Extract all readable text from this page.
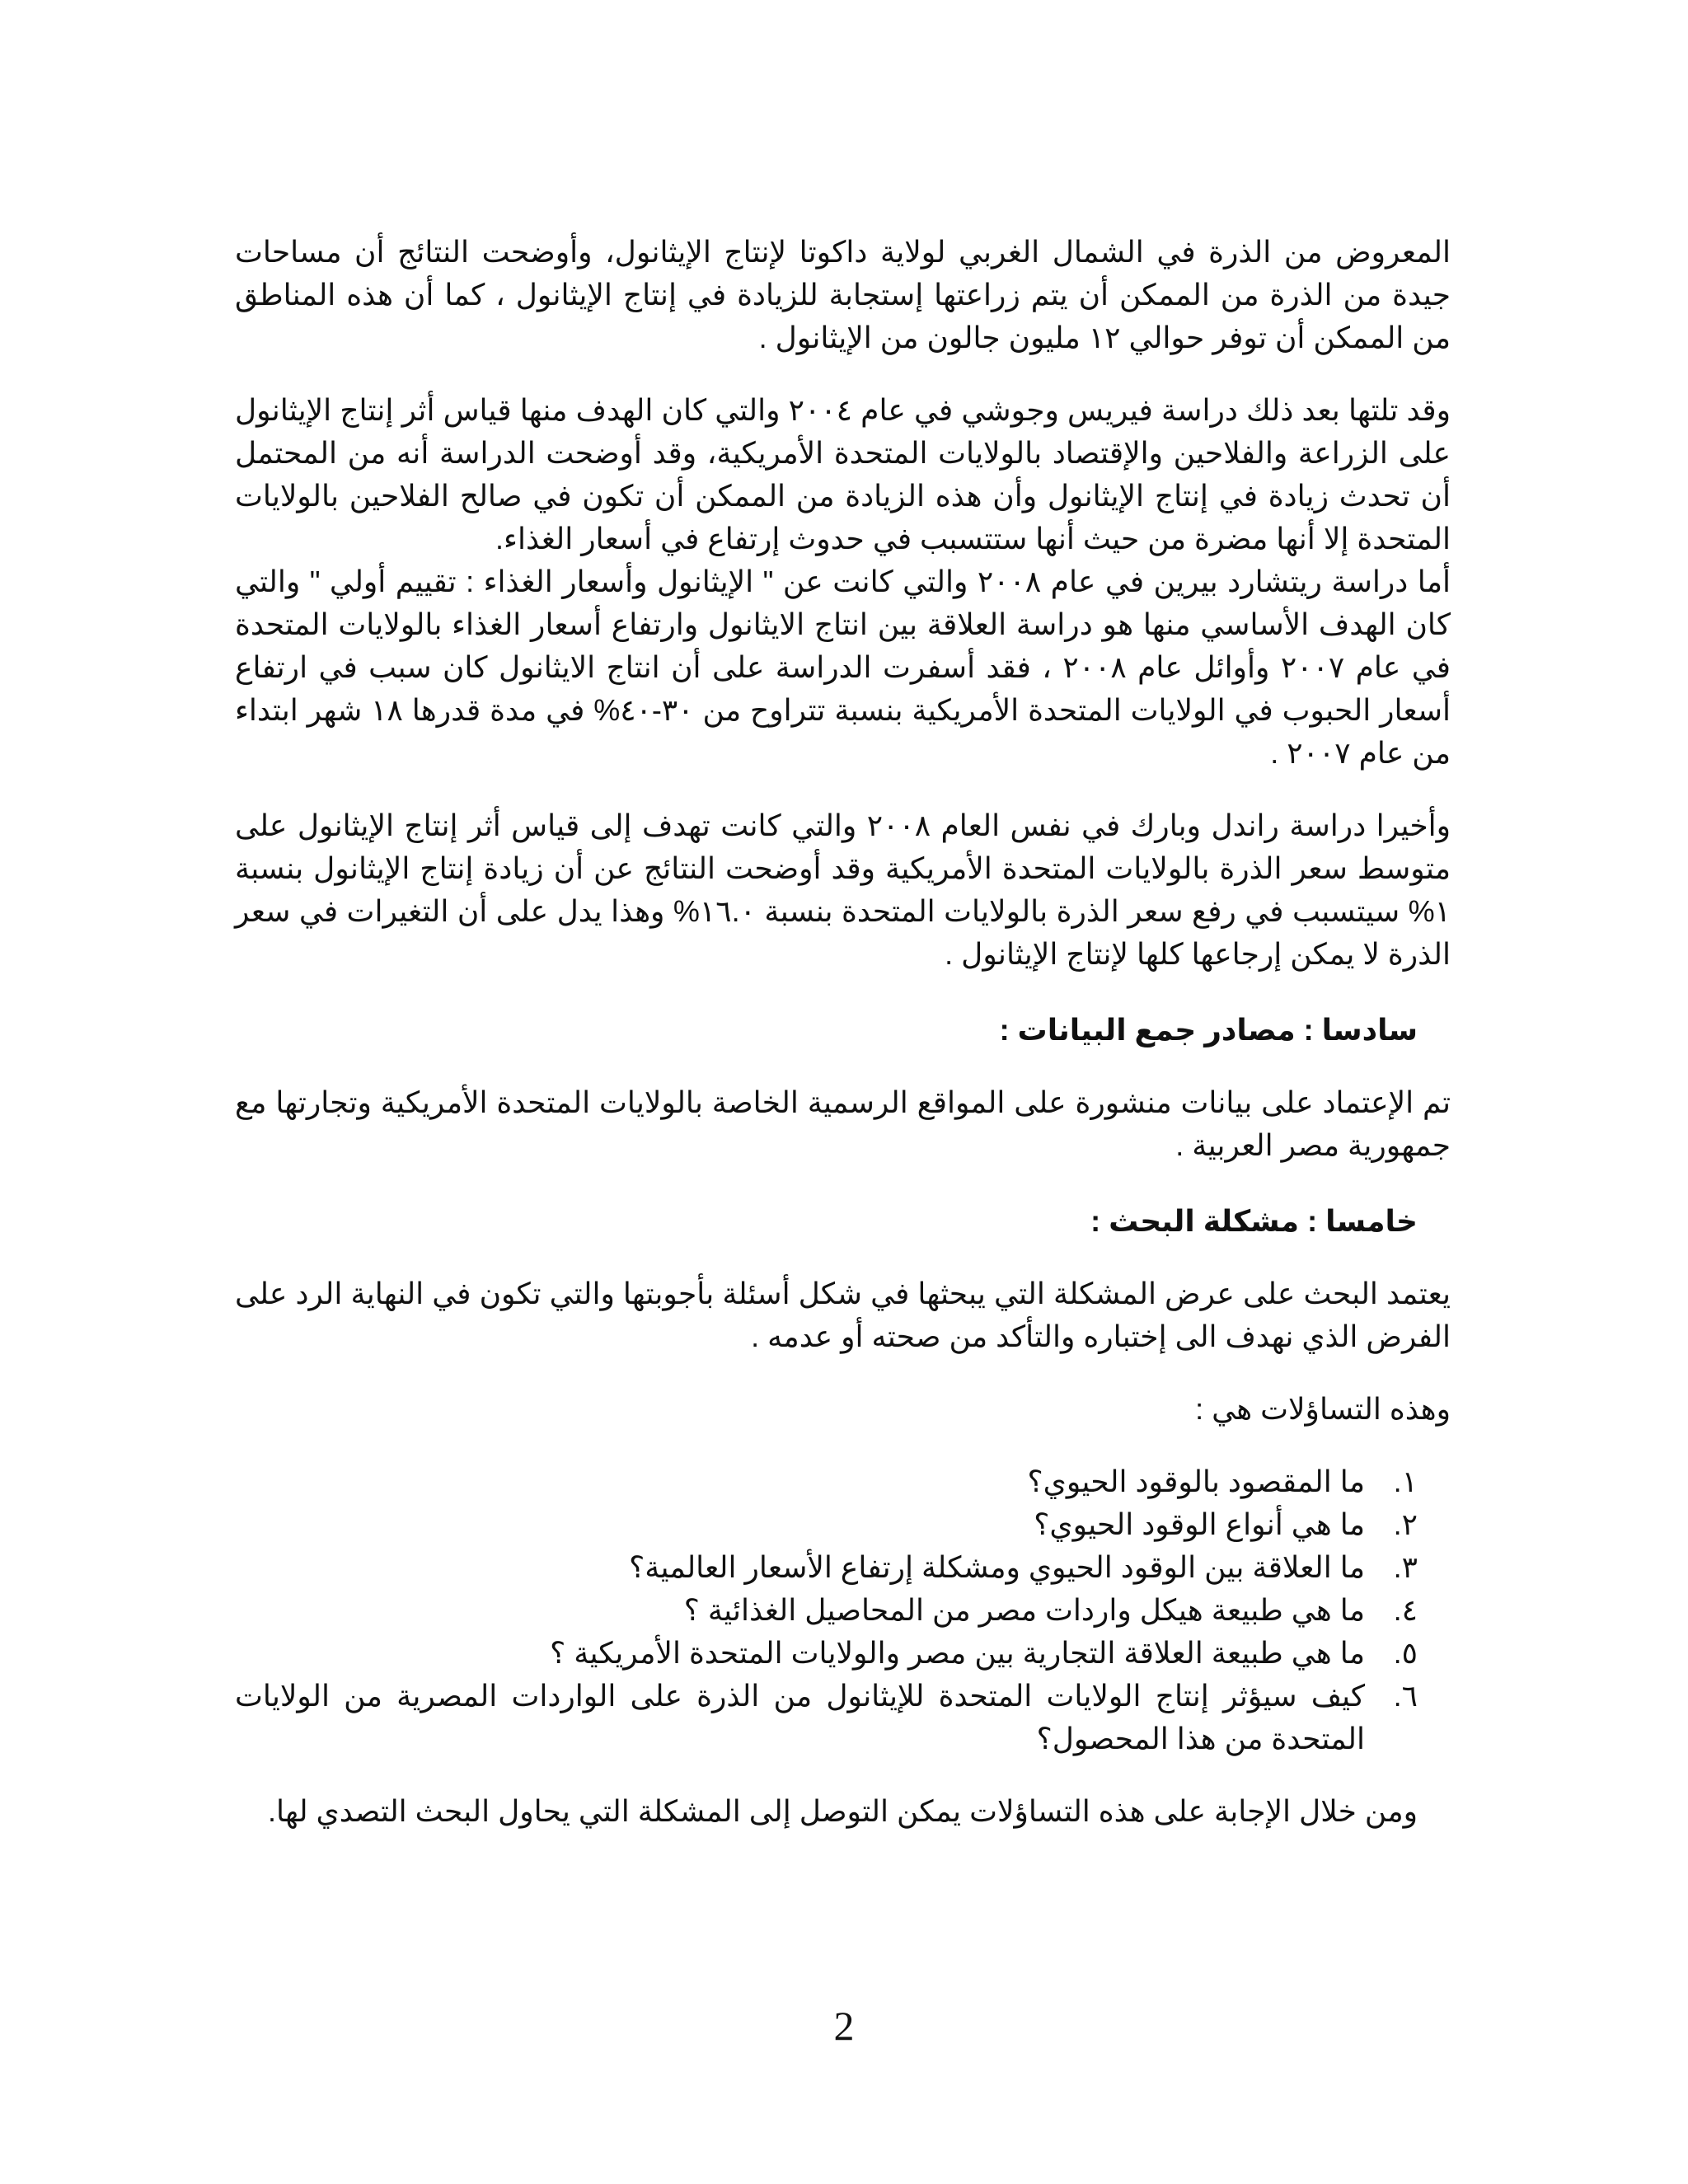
المعروض من الذرة في الشمال الغربي لولاية داكوتا لإنتاج الإيثانول، وأوضحت النتائج أن مساحات جيدة من الذرة من الممكن أن يتم زراعتها إستجابة للزيادة في إنتاج الإيثانول ، كما أن هذه المناطق من الممكن أن توفر حوالي ١٢ مليون جالون من الإيثانول .

وقد تلتها بعد ذلك دراسة فيريس وجوشي في عام ٢٠٠٤ والتي كان الهدف منها قياس أثر إنتاج الإيثانول على الزراعة والفلاحين والإقتصاد بالولايات المتحدة الأمريكية، وقد أوضحت الدراسة أنه من المحتمل أن تحدث زيادة في إنتاج الإيثانول وأن هذه الزيادة من الممكن أن تكون في صالح الفلاحين بالولايات المتحدة إلا أنها مضرة من حيث أنها ستتسبب في حدوث إرتفاع في أسعار الغذاء.

أما دراسة ريتشارد بيرين في عام ٢٠٠٨ والتي كانت عن " الإيثانول وأسعار الغذاء : تقييم أولي " والتي كان الهدف الأساسي منها هو دراسة العلاقة بين انتاج الايثانول وارتفاع أسعار الغذاء بالولايات المتحدة في عام ٢٠٠٧ وأوائل عام ٢٠٠٨ ، فقد أسفرت الدراسة على أن انتاج الايثانول كان سبب في ارتفاع أسعار الحبوب في الولايات المتحدة الأمريكية بنسبة تتراوح من ٣٠-٤٠% في مدة قدرها ١٨ شهر ابتداء من عام ٢٠٠٧ .

وأخيرا دراسة راندل وبارك في نفس العام ٢٠٠٨ والتي كانت تهدف إلى قياس أثر إنتاج الإيثانول على متوسط سعر الذرة بالولايات المتحدة الأمريكية وقد أوضحت النتائج عن أن زيادة إنتاج الإيثانول بنسبة ١% سيتسبب في رفع سعر الذرة بالولايات المتحدة بنسبة ١٦.٠% وهذا يدل على أن التغيرات في سعر الذرة لا يمكن إرجاعها كلها لإنتاج الإيثانول .

سادسا : مصادر جمع البيانات :

تم الإعتماد على بيانات منشورة على المواقع الرسمية الخاصة بالولايات المتحدة الأمريكية وتجارتها مع جمهورية مصر العربية .

خامسا : مشكلة البحث :

يعتمد البحث على عرض المشكلة التي يبحثها في شكل أسئلة بأجوبتها والتي تكون في النهاية الرد على الفرض الذي نهدف الى إختباره والتأكد من صحته أو عدمه .

وهذه التساؤلات هي :

١.
ما المقصود بالوقود الحيوي؟
٢.
ما هي أنواع الوقود الحيوي؟
٣.
ما العلاقة بين الوقود الحيوي ومشكلة إرتفاع الأسعار العالمية؟
٤.
ما هي طبيعة هيكل واردات مصر من المحاصيل الغذائية ؟
٥.
ما هي طبيعة العلاقة التجارية بين مصر والولايات المتحدة الأمريكية ؟
٦.
كيف سيؤثر إنتاج الولايات المتحدة للإيثانول من الذرة على الواردات المصرية من الولايات المتحدة من هذا المحصول؟

ومن خلال الإجابة على هذه التساؤلات يمكن التوصل إلى المشكلة التي يحاول البحث التصدي لها.

2
